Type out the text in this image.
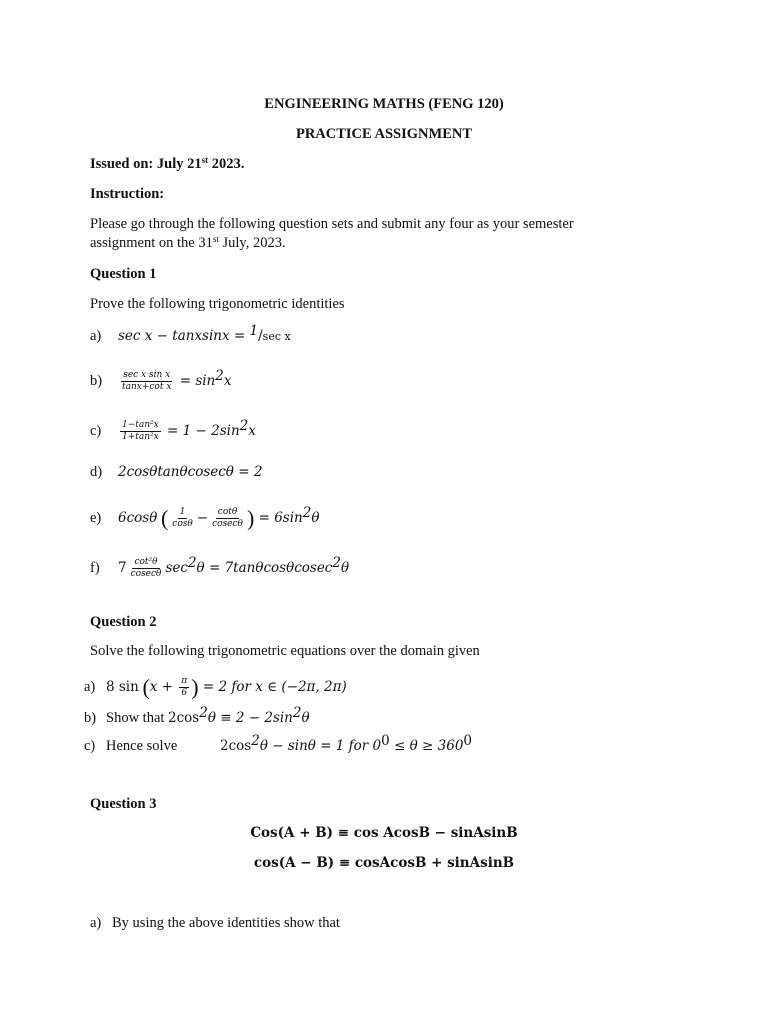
ENGINEERING MATHS (FENG 120)
PRACTICE ASSIGNMENT
Issued on: July 21st 2023.
Instruction:
Please go through the following question sets and submit any four as your semester
assignment on the 31st July, 2023.
Question 1
Prove the following trigonometric identities
a) sec x − tanxsinx = $^1$/sec x
$b) \frac{\text{sec x sin x}}{\text{tanx+cot x}} = \sin^2x$
$c) \frac{\text{1−tan²x}}{\text{1+tan²x}} = 1 - 2\sin^2x$
d) 2cosθtanθcosecθ = 2
e) 6cosθ ( $\frac{1}{\cos\theta} - \frac{\cot\theta}{cosec\theta}$ ) = $6\sin^2\theta$
f) $7 \frac{\text{cot²θ}}{cosec\theta} \sec^2\theta = 7\tan\theta\cos\theta cosec^2\theta$
Question 2
Solve the following trigonometric equations over the domain given
a) 8 $\sin (x + \frac{\pi}{6}$ ) = 2 for x ∈ (−2π, 2π)
b) Show that $2\cos^2\theta \equiv 2 - 2\sin^2\theta$
c) Hence solve	$2\cos^2\theta - \sin\theta = 1$ for $0^0 \le \theta \ge 360^0$
Question 3
Cos(A + B) ≡ cos AcosB − sinAsinB
cos(A − B) ≡ cosAcosB + sinAsinB
a) By using the above identities show that
